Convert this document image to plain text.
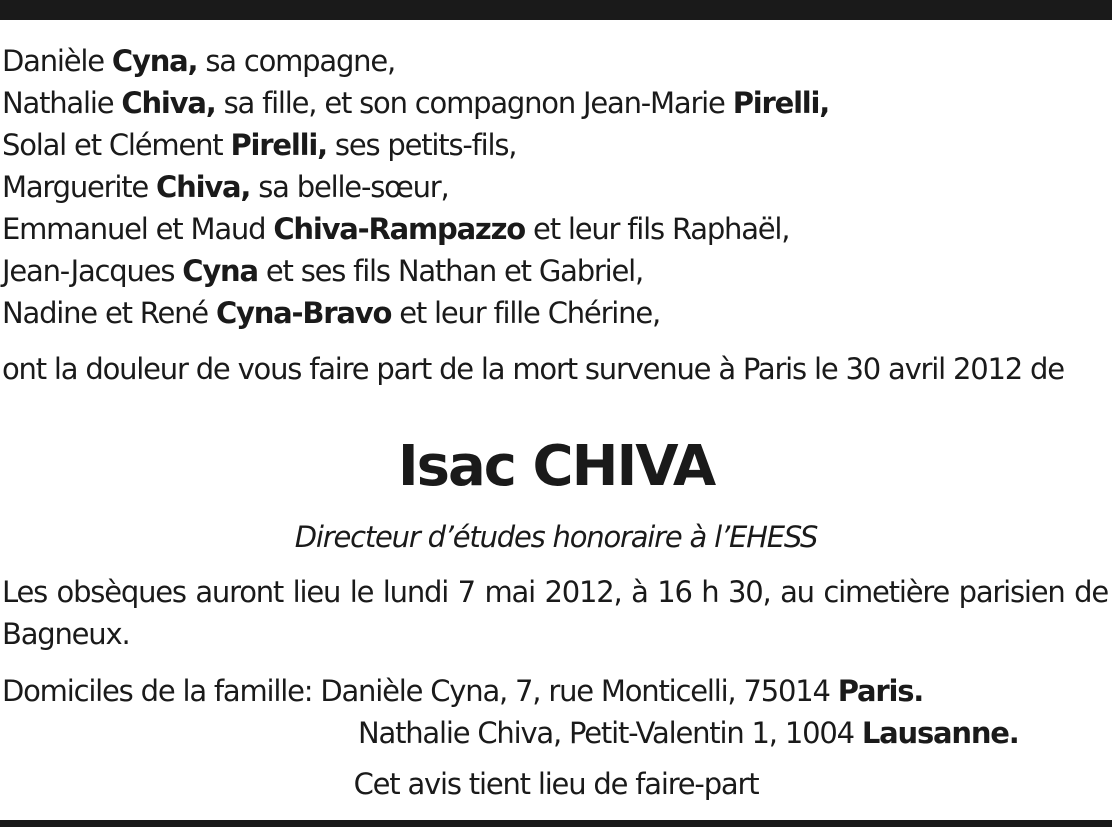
Danièle Cyna, sa compagne,
Nathalie Chiva, sa fille, et son compagnon Jean-Marie Pirelli,
Solal et Clément Pirelli, ses petits-fils,
Marguerite Chiva, sa belle-sœur,
Emmanuel et Maud Chiva-Rampazzo et leur fils Raphaël,
Jean-Jacques Cyna et ses fils Nathan et Gabriel,
Nadine et René Cyna-Bravo et leur fille Chérine,
ont la douleur de vous faire part de la mort survenue à Paris le 30 avril 2012 de
Isac CHIVA
Directeur d’études honoraire à l’EHESS
Les obsèques auront lieu le lundi 7 mai 2012, à 16 h 30, au cimetière parisien de Bagneux.
Domiciles de la famille: Danièle Cyna, 7, rue Monticelli, 75014 Paris.
Nathalie Chiva, Petit-Valentin 1, 1004 Lausanne.
Cet avis tient lieu de faire-part
